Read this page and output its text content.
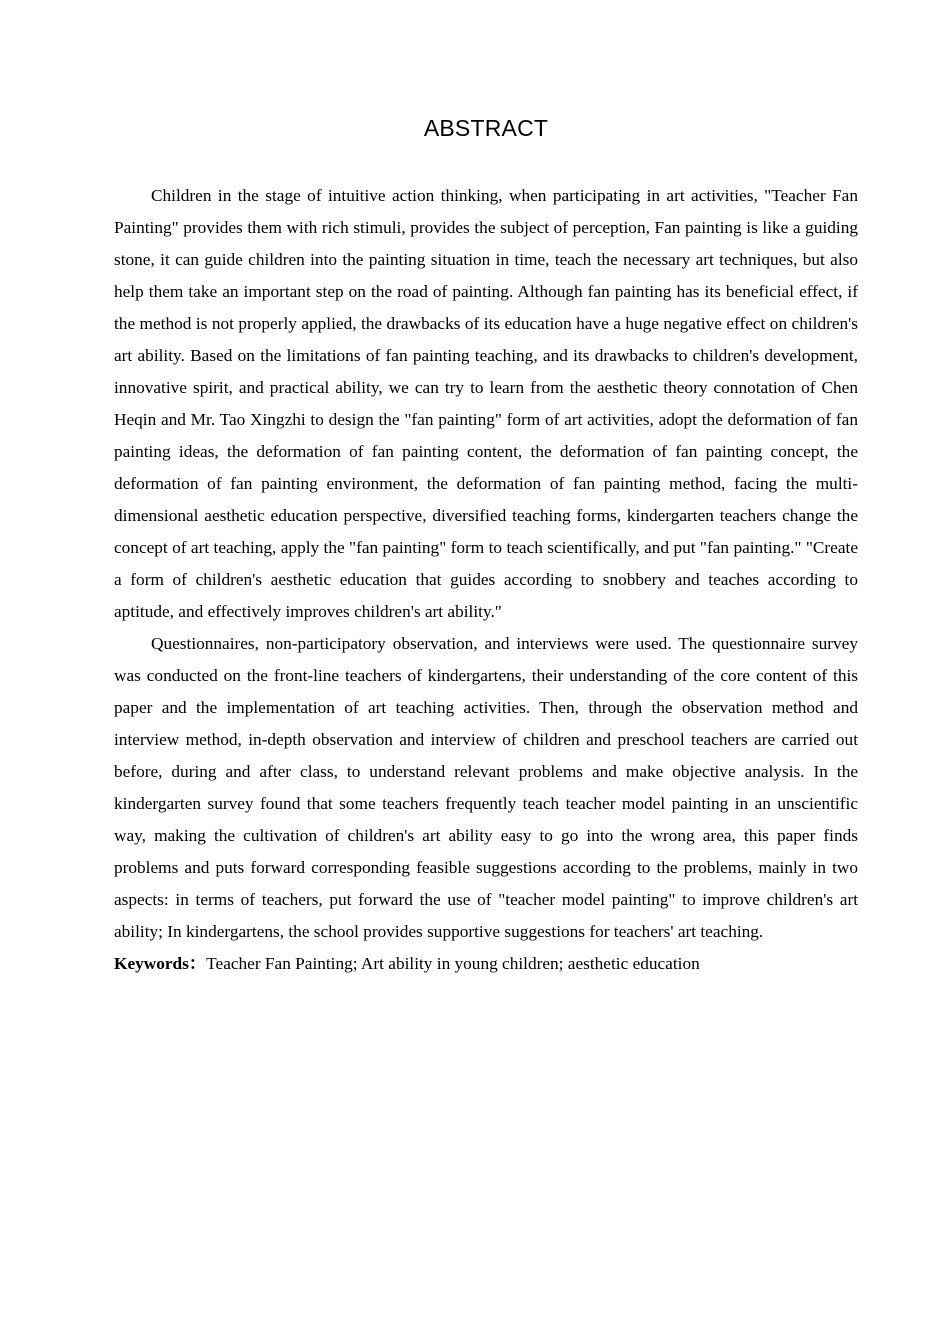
ABSTRACT

Children in the stage of intuitive action thinking, when participating in art activities, "Teacher Fan Painting" provides them with rich stimuli, provides the subject of perception, Fan painting is like a guiding stone, it can guide children into the painting situation in time, teach the necessary art techniques, but also help them take an important step on the road of painting. Although fan painting has its beneficial effect, if the method is not properly applied, the drawbacks of its education have a huge negative effect on children's art ability. Based on the limitations of fan painting teaching, and its drawbacks to children's development, innovative spirit, and practical ability, we can try to learn from the aesthetic theory connotation of Chen Heqin and Mr. Tao Xingzhi to design the "fan painting" form of art activities, adopt the deformation of fan painting ideas, the deformation of fan painting content, the deformation of fan painting concept, the deformation of fan painting environment, the deformation of fan painting method, facing the multi-dimensional aesthetic education perspective, diversified teaching forms, kindergarten teachers change the concept of art teaching, apply the "fan painting" form to teach scientifically, and put "fan painting." "Create a form of children's aesthetic education that guides according to snobbery and teaches according to aptitude, and effectively improves children's art ability."

Questionnaires, non-participatory observation, and interviews were used. The questionnaire survey was conducted on the front-line teachers of kindergartens, their understanding of the core content of this paper and the implementation of art teaching activities. Then, through the observation method and interview method, in-depth observation and interview of children and preschool teachers are carried out before, during and after class, to understand relevant problems and make objective analysis. In the kindergarten survey found that some teachers frequently teach teacher model painting in an unscientific way, making the cultivation of children's art ability easy to go into the wrong area, this paper finds problems and puts forward corresponding feasible suggestions according to the problems, mainly in two aspects: in terms of teachers, put forward the use of "teacher model painting" to improve children's art ability; In kindergartens, the school provides supportive suggestions for teachers' art teaching.

Keywords：Teacher Fan Painting; Art ability in young children; aesthetic education
